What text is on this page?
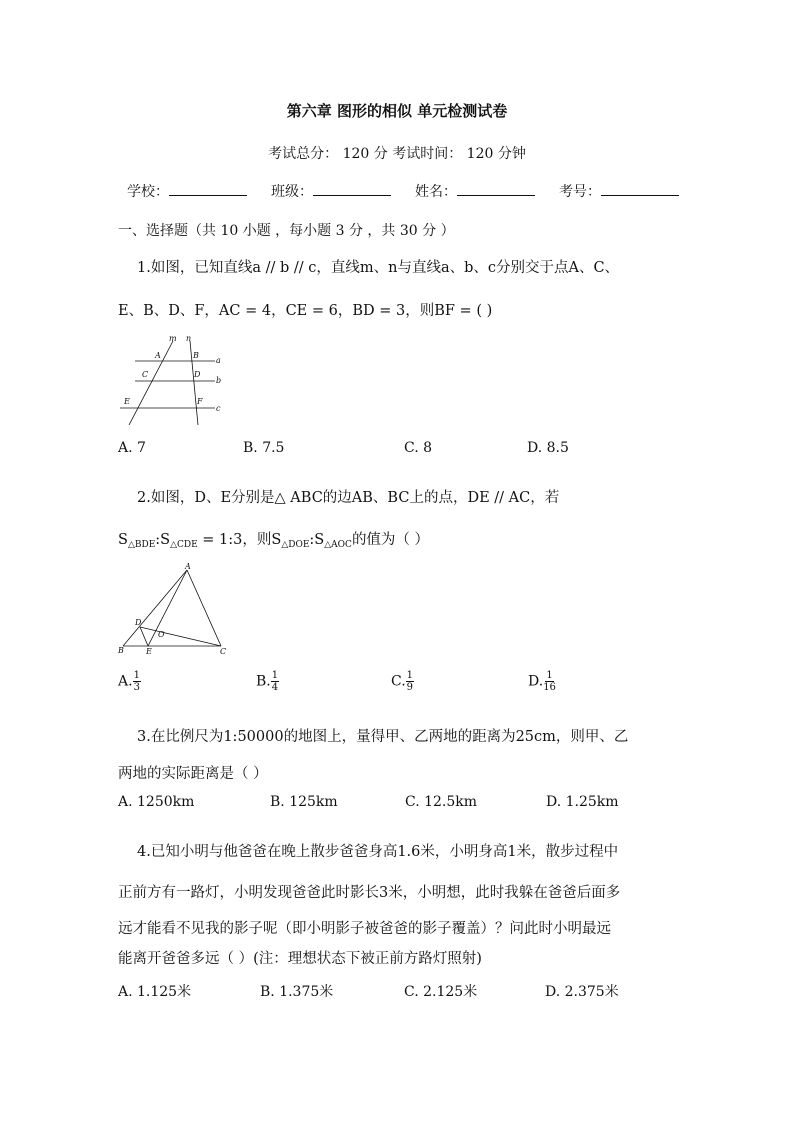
第六章 图形的相似 单元检测试卷
考试总分： 120 分 考试时间： 120 分钟
学校：	班级：	姓名：	考号：
一、选择题（共 10 小题 ，每小题 3 分 ，共 30 分 ）
1.如图，已知直线a // b // c，直线m、n与直线a、b、c分别交于点A、C、
E、B、D、F，AC = 4，CE = 6，BD = 3，则BF = ( )
m n
A	B
a
C	D
b
E	F
c
A. 7	B. 7.5	C. 8	D. 8.5
2.如图，D、E分别是△ ABC的边AB、BC上的点，DE // AC，若
$S_{\triangle BDE}:S_{\triangle CDE}$ = 1:3，则$S_{\triangle DOE}:S_{\triangle AOC}$的值为（ ）
A
D
O
B	E	C
A. $\frac{1}{3}$	B. $\frac{1}{4}$	C. $\frac{1}{9}$	D. $\frac{1}{16}$
3.在比例尺为1:50000的地图上，量得甲、乙两地的距离为25cm，则甲、乙
两地的实际距离是（ ）
A. 1250km	B. 125km	C. 12.5km	D. 1.25km
4.已知小明与他爸爸在晚上散步爸爸身高1.6米，小明身高1米，散步过程中
正前方有一路灯，小明发现爸爸此时影长3米，小明想，此时我躲在爸爸后面多
远才能看不见我的影子呢（即小明影子被爸爸的影子覆盖）？问此时小明最远
能离开爸爸多远（ ）(注：理想状态下被正前方路灯照射)
A. 1.125米	B. 1.375米	C. 2.125米	D. 2.375米
